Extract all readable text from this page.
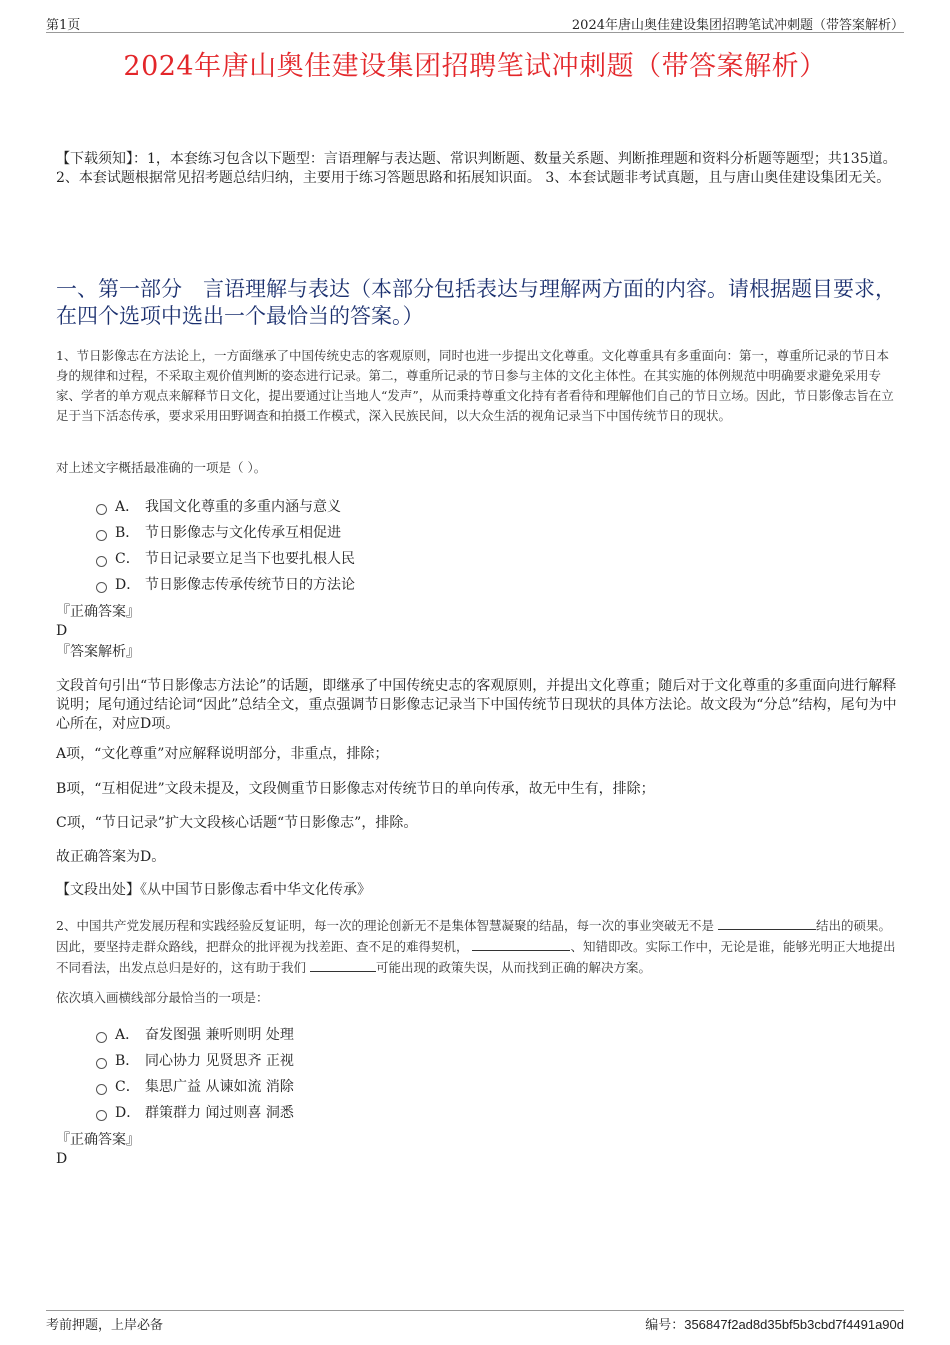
第1页	2024年唐山奥佳建设集团招聘笔试冲刺题（带答案解析）
2024年唐山奥佳建设集团招聘笔试冲刺题（带答案解析）
【下载须知】：1，本套练习包含以下题型：言语理解与表达题、常识判断题、数量关系题、判断推理题和资料分析题等题型；共135道。 2、本套试题根据常见招考题总结归纳，主要用于练习答题思路和拓展知识面。 3、本套试题非考试真题，且与唐山奥佳建设集团无关。
一、第一部分　言语理解与表达（本部分包括表达与理解两方面的内容。请根据题目要求，在四个选项中选出一个最恰当的答案。）
1、节日影像志在方法论上，一方面继承了中国传统史志的客观原则，同时也进一步提出文化尊重。文化尊重具有多重面向：第一，尊重所记录的节日本身的规律和过程，不采取主观价值判断的姿态进行记录。第二，尊重所记录的节日参与主体的文化主体性。在其实施的体例规范中明确要求避免采用专家、学者的单方观点来解释节日文化，提出要通过让当地人“发声”，从而秉持尊重文化持有者看待和理解他们自己的节日立场。因此，节日影像志旨在立足于当下活态传承，要求采用田野调查和拍摄工作模式，深入民族民间，以大众生活的视角记录当下中国传统节日的现状。
对上述文字概括最准确的一项是（ ）。
A． 我国文化尊重的多重内涵与意义
B． 节日影像志与文化传承互相促进
C． 节日记录要立足当下也要扎根人民
D． 节日影像志传承传统节日的方法论
『正确答案』
D
『答案解析』
文段首句引出“节日影像志方法论”的话题，即继承了中国传统史志的客观原则，并提出文化尊重；随后对于文化尊重的多重面向进行解释说明；尾句通过结论词“因此”总结全文，重点强调节日影像志记录当下中国传统节日现状的具体方法论。故文段为“分总”结构，尾句为中心所在，对应D项。
A项，“文化尊重”对应解释说明部分，非重点，排除；
B项，“互相促进”文段未提及，文段侧重节日影像志对传统节日的单向传承，故无中生有，排除；
C项，“节日记录”扩大文段核心话题“节日影像志”，排除。
故正确答案为D。
【文段出处】《从中国节日影像志看中华文化传承》
2、中国共产党发展历程和实践经验反复证明，每一次的理论创新无不是集体智慧凝聚的结晶，每一次的事业突破无不是	结出的硕果。因此，要坚持走群众路线，把群众的批评视为找差距、查不足的难得契机，	、知错即改。实际工作中，无论是谁，能够光明正大地提出不同看法，出发点总归是好的，这有助于我们	可能出现的政策失误，从而找到正确的解决方案。
依次填入画横线部分最恰当的一项是：
A． 奋发图强 兼听则明 处理
B． 同心协力 见贤思齐 正视
C． 集思广益 从谏如流 消除
D． 群策群力 闻过则喜 洞悉
『正确答案』
D
考前押题，上岸必备	编号：356847f2ad8d35bf5b3cbd7f4491a90d
